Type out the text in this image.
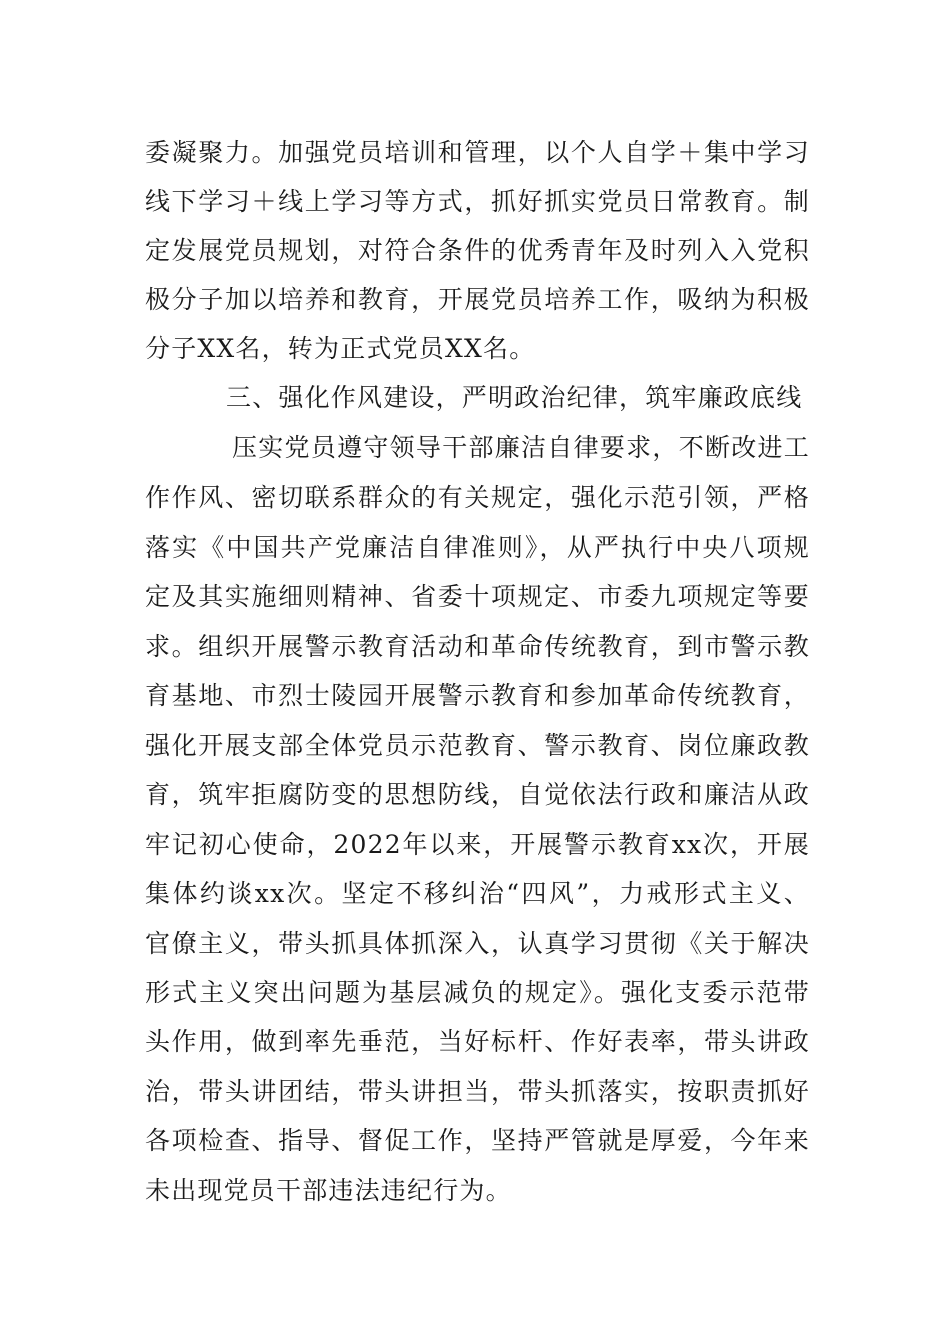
委凝聚力。加强党员培训和管理，以个人自学＋集中学习
线下学习＋线上学习等方式，抓好抓实党员日常教育。制
定发展党员规划，对符合条件的优秀青年及时列入入党积
极分子加以培养和教育，开展党员培养工作，吸纳为积极
分子XX名，转为正式党员XX名。
三、强化作风建设，严明政治纪律，筑牢廉政底线
压实党员遵守领导干部廉洁自律要求，不断改进工
作作风、密切联系群众的有关规定，强化示范引领，严格
落实《中国共产党廉洁自律准则》，从严执行中央八项规
定及其实施细则精神、省委十项规定、市委九项规定等要
求。组织开展警示教育活动和革命传统教育，到市警示教
育基地、市烈士陵园开展警示教育和参加革命传统教育，
强化开展支部全体党员示范教育、警示教育、岗位廉政教
育，筑牢拒腐防变的思想防线，自觉依法行政和廉洁从政
牢记初心使命，2022年以来，开展警示教育xx次，开展
集体约谈xx次。坚定不移纠治“四风”，力戒形式主义、
官僚主义，带头抓具体抓深入，认真学习贯彻《关于解决
形式主义突出问题为基层减负的规定》。强化支委示范带
头作用，做到率先垂范，当好标杆、作好表率，带头讲政
治，带头讲团结，带头讲担当，带头抓落实，按职责抓好
各项检查、指导、督促工作，坚持严管就是厚爱，今年来
未出现党员干部违法违纪行为。
